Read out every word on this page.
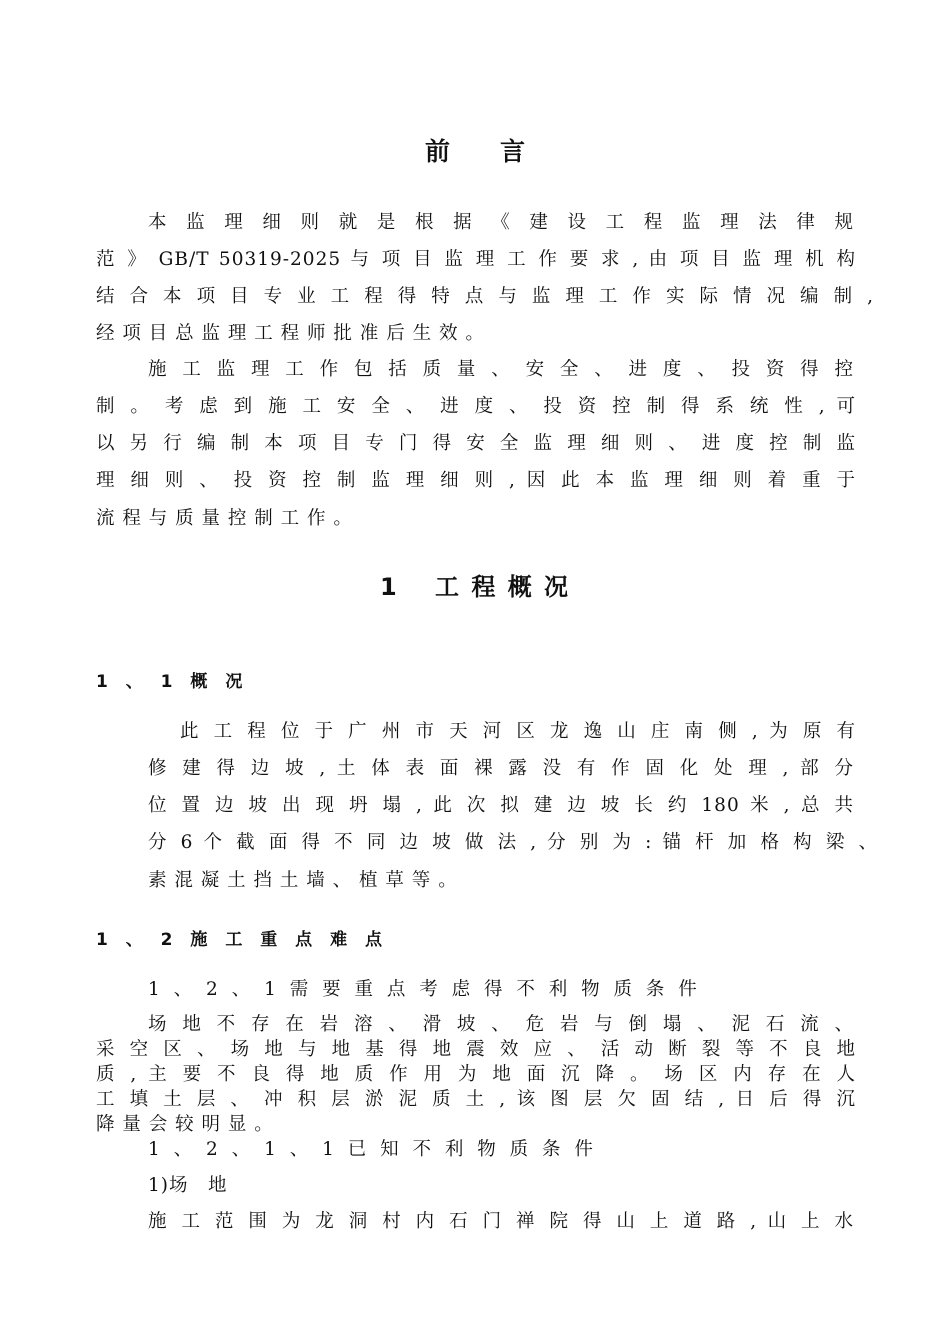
前　　言
本 监 理 细 则 就 是 根 据 《 建 设 工 程 监 理 法 律 规
范 》 GB/T 50319-2025 与 项 目 监 理 工 作 要 求 , 由 项 目 监 理 机 构
结 合 本 项 目 专 业 工 程 得 特 点 与 监 理 工 作 实 际 情 况 编 制 ,
经 项 目 总 监 理 工 程 师 批 准 后 生 效 。
施 工 监 理 工 作 包 括 质 量 、 安 全 、 进 度 、 投 资 得 控
制 。 考 虑 到 施 工 安 全 、 进 度 、 投 资 控 制 得 系 统 性 , 可
以 另 行 编 制 本 项 目 专 门 得 安 全 监 理 细 则 、 进 度 控 制 监
理 细 则 、 投 资 控 制 监 理 细 则 , 因 此 本 监 理 细 则 着 重 于
流 程 与 质 量 控 制 工 作 。
1　 工 程 概 况
1 、 1 概 况
此 工 程 位 于 广 州 市 天 河 区 龙 逸 山 庄 南 侧 , 为 原 有
修 建 得 边 坡 , 土 体 表 面 裸 露 没 有 作 固 化 处 理 , 部 分
位 置 边 坡 出 现 坍 塌 , 此 次 拟 建 边 坡 长 约 180 米 , 总 共
分 6 个 截 面 得 不 同 边 坡 做 法 , 分 别 为 : 锚 杆 加 格 构 梁 、
素 混 凝 土 挡 土 墙 、 植 草 等 。
1 、 2 施 工 重 点 难 点
1 、 2 、 1 需 要 重 点 考 虑 得 不 利 物 质 条 件
场 地 不 存 在 岩 溶 、 滑 坡 、 危 岩 与 倒 塌 、 泥 石 流 、
采 空 区 、 场 地 与 地 基 得 地 震 效 应 、 活 动 断 裂 等 不 良 地
质 , 主 要 不 良 得 地 质 作 用 为 地 面 沉 降 。 场 区 内 存 在 人
工 填 土 层 、 冲 积 层 淤 泥 质 土 , 该 图 层 欠 固 结 , 日 后 得 沉
降 量 会 较 明 显 。
1 、 2 、 1 、 1 已 知 不 利 物 质 条 件
1)场　地
施 工 范 围 为 龙 洞 村 内 石 门 禅 院 得 山 上 道 路 , 山 上 水
